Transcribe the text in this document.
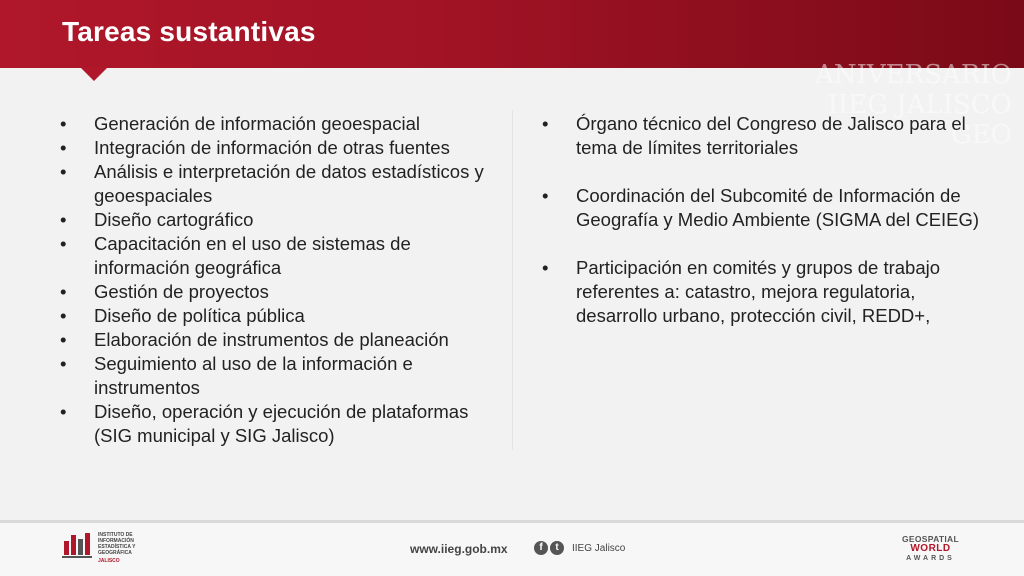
Tareas sustantivas
ANIVERSARIO
IIEG JALISCO
GEO
• Generación de información geoespacial
• Integración de información de otras fuentes
• Análisis e interpretación de datos estadísticos y geoespaciales
• Diseño cartográfico
• Capacitación en el uso de sistemas de información geográfica
• Gestión de proyectos
• Diseño de política pública
• Elaboración de instrumentos de planeación
• Seguimiento al uso de la información e instrumentos
• Diseño, operación y ejecución de plataformas (SIG municipal y SIG Jalisco)
• Órgano técnico del Congreso de Jalisco para el tema de límites territoriales
• Coordinación del Subcomité de Información de Geografía y Medio Ambiente (SIGMA del CEIEG)
• Participación en comités y grupos de trabajo referentes a: catastro, mejora regulatoria, desarrollo urbano, protección civil, REDD+,
INSTITUTO DE INFORMACIÓN ESTADÍSTICA Y GEOGRÁFICA
JALISCO
www.iieg.gob.mx	f	t	IIEG Jalisco
GEOSPATIAL
WORLD
AWARDS
